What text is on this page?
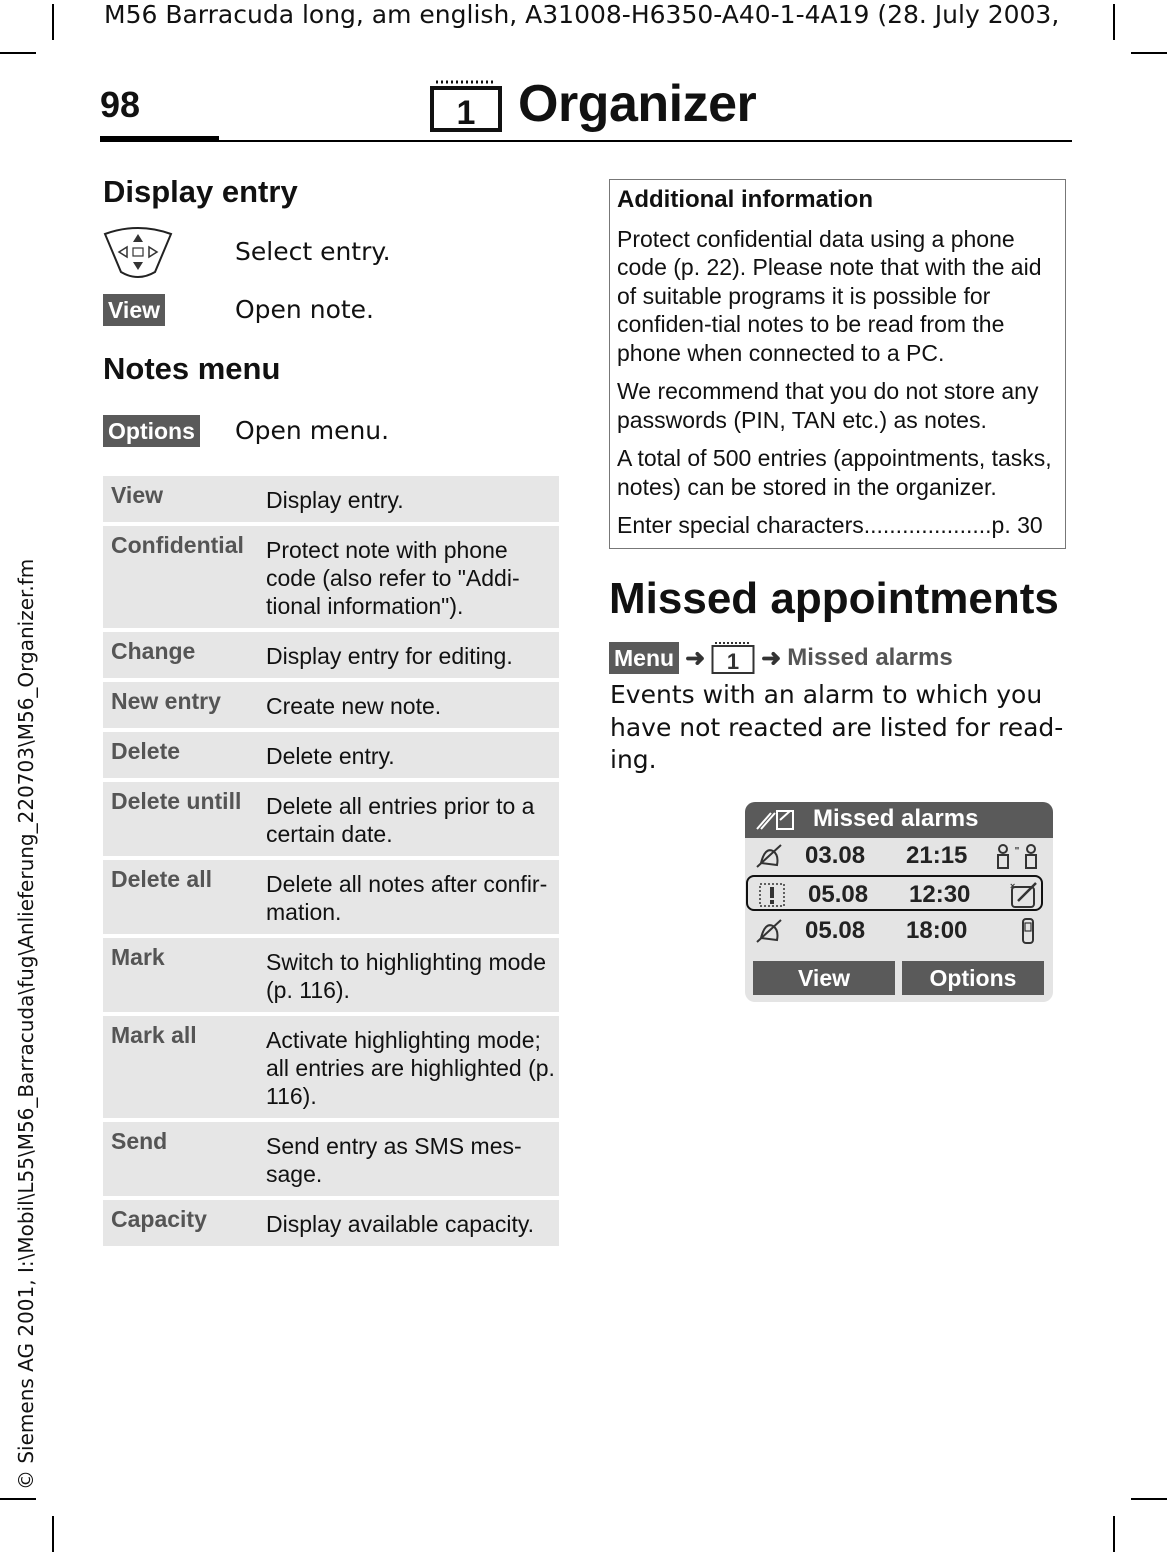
M56 Barracuda long, am english, A31008-H6350-A40-1-4A19 (28. July 2003,
© Siemens AG 2001, I:\Mobil\L55\M56_Barracuda\fug\Anlieferung_220703\M56_Organizer.fm
98	1 Organizer
Display entry
Select entry.
View	Open note.
Notes menu
Options Open menu.
View	Display entry.
Confidential Protect note with phone code (also refer to "Addi-tional information").
Change	Display entry for editing.
New entry	Create new note.
Delete	Delete entry.
Delete untill	Delete all entries prior to a certain date.
Delete all	Delete all notes after confir-mation.
Mark	Switch to highlighting mode (p. 116).
Mark all	Activate highlighting mode; all entries are highlighted (p. 116).
Send	Send entry as SMS mes-sage.
Capacity	Display available capacity.
Additional information

Protect confidential data using a phone code (p. 22). Please note that with the aid of suitable programs it is possible for confiden-tial notes to be read from the phone when connected to a PC.

We recommend that you do not store any passwords (PIN, TAN etc.) as notes.

A total of 500 entries (appointments, tasks, notes) can be stored in the organizer.

Enter special characters....................p. 30

Missed appointments
Menu ➜ 1 ➜ Missed alarms
Events with an alarm to which you have not reacted are listed for read-ing.
Missed alarms
03.08 21:15	"
05.08 12:30	×
05.08 18:00
View	Options
